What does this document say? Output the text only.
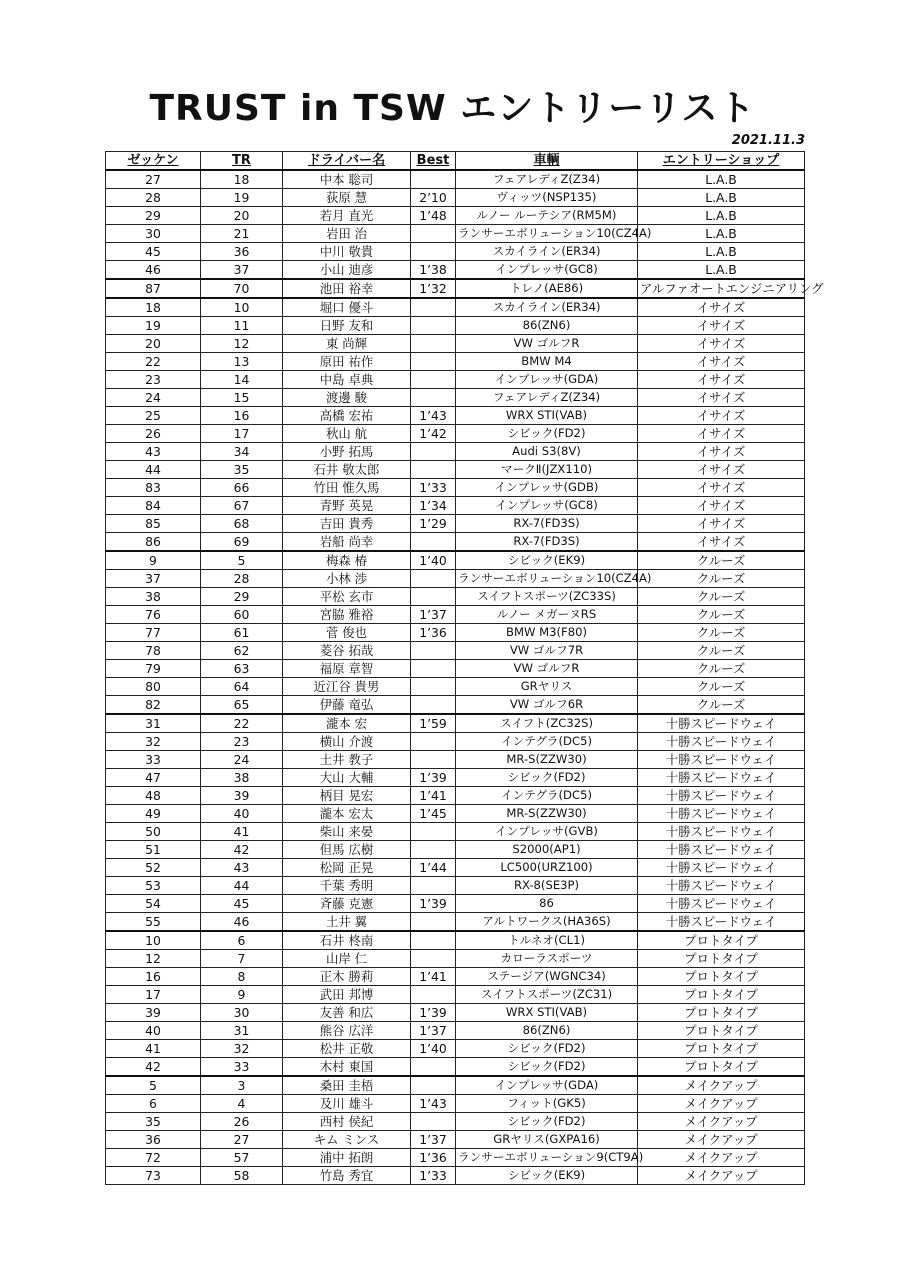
TRUST in TSW エントリーリスト
2021.11.3
ゼッケン	TR	ドライバー名	Best	車輌	エントリーショップ
27	18	中本 聡司		フェアレディZ(Z34)	L.A.B
28	19	荻原 慧	2’10	ヴィッツ(NSP135)	L.A.B
29	20	若月 直光	1’48	ルノー ルーテシア(RM5M)	L.A.B
30	21	岩田 治		ランサーエボリューション10(CZ4A)	L.A.B
45	36	中川 敬貴		スカイライン(ER34)	L.A.B
46	37	小山 迪彦	1’38	インプレッサ(GC8)	L.A.B
87	70	池田 裕幸	1’32	トレノ(AE86)	アルファオートエンジニアリング
18	10	堀口 優斗		スカイライン(ER34)	イサイズ
19	11	日野 友和		86(ZN6)	イサイズ
20	12	東 尚輝		VW ゴルフR	イサイズ
22	13	原田 祐作		BMW M4	イサイズ
23	14	中島 卓典		インプレッサ(GDA)	イサイズ
24	15	渡邊 駿		フェアレディZ(Z34)	イサイズ
25	16	高橋 宏祐	1’43	WRX STI(VAB)	イサイズ
26	17	秋山 航	1’42	シビック(FD2)	イサイズ
43	34	小野 拓馬		Audi S3(8V)	イサイズ
44	35	石井 敬太郎		マークⅡ(JZX110)	イサイズ
83	66	竹田 惟久馬	1’33	インプレッサ(GDB)	イサイズ
84	67	青野 英晃	1’34	インプレッサ(GC8)	イサイズ
85	68	吉田 貴秀	1’29	RX-7(FD3S)	イサイズ
86	69	岩船 尚幸		RX-7(FD3S)	イサイズ
9	5	梅森 椿	1’40	シビック(EK9)	クルーズ
37	28	小林 渉		ランサーエボリューション10(CZ4A)	クルーズ
38	29	平松 玄市		スイフトスポーツ(ZC33S)	クルーズ
76	60	宮脇 雅裕	1’37	ルノー メガーヌRS	クルーズ
77	61	菅 俊也	1’36	BMW M3(F80)	クルーズ
78	62	菱谷 拓哉		VW ゴルフ7R	クルーズ
79	63	福原 章智		VW ゴルフR	クルーズ
80	64	近江谷 貴男		GRヤリス	クルーズ
82	65	伊藤 竜弘		VW ゴルフ6R	クルーズ
31	22	瀧本 宏	1’59	スイフト(ZC32S)	十勝スピードウェイ
32	23	横山 介渡		インテグラ(DC5)	十勝スピードウェイ
33	24	土井 教子		MR-S(ZZW30)	十勝スピードウェイ
47	38	大山 大輔	1’39	シビック(FD2)	十勝スピードウェイ
48	39	柄目 晃宏	1’41	インテグラ(DC5)	十勝スピードウェイ
49	40	瀧本 宏太	1’45	MR-S(ZZW30)	十勝スピードウェイ
50	41	柴山 来晏		インプレッサ(GVB)	十勝スピードウェイ
51	42	但馬 広樹		S2000(AP1)	十勝スピードウェイ
52	43	松岡 正晃	1’44	LC500(URZ100)	十勝スピードウェイ
53	44	千葉 秀明		RX-8(SE3P)	十勝スピードウェイ
54	45	斉藤 克憲	1’39	86	十勝スピードウェイ
55	46	土井 翼		アルトワークス(HA36S)	十勝スピードウェイ
10	6	石井 柊南		トルネオ(CL1)	プロトタイプ
12	7	山岸 仁		カローラスポーツ	プロトタイプ
16	8	正木 勝莉	1’41	ステージア(WGNC34)	プロトタイプ
17	9	武田 邦博		スイフトスポーツ(ZC31)	プロトタイプ
39	30	友善 和広	1’39	WRX STI(VAB)	プロトタイプ
40	31	熊谷 広洋	1’37	86(ZN6)	プロトタイプ
41	32	松井 正敬	1’40	シビック(FD2)	プロトタイプ
42	33	木村 東国		シビック(FD2)	プロトタイプ
5	3	桑田 圭梧		インプレッサ(GDA)	メイクアップ
6	4	及川 雄斗	1’43	フィット(GK5)	メイクアップ
35	26	西村 侯紀		シビック(FD2)	メイクアップ
36	27	キム ミンス	1’37	GRヤリス(GXPA16)	メイクアップ
72	57	浦中 拓朗	1’36	ランサーエボリューション9(CT9A)	メイクアップ
73	58	竹島 秀宜	1’33	シビック(EK9)	メイクアップ
